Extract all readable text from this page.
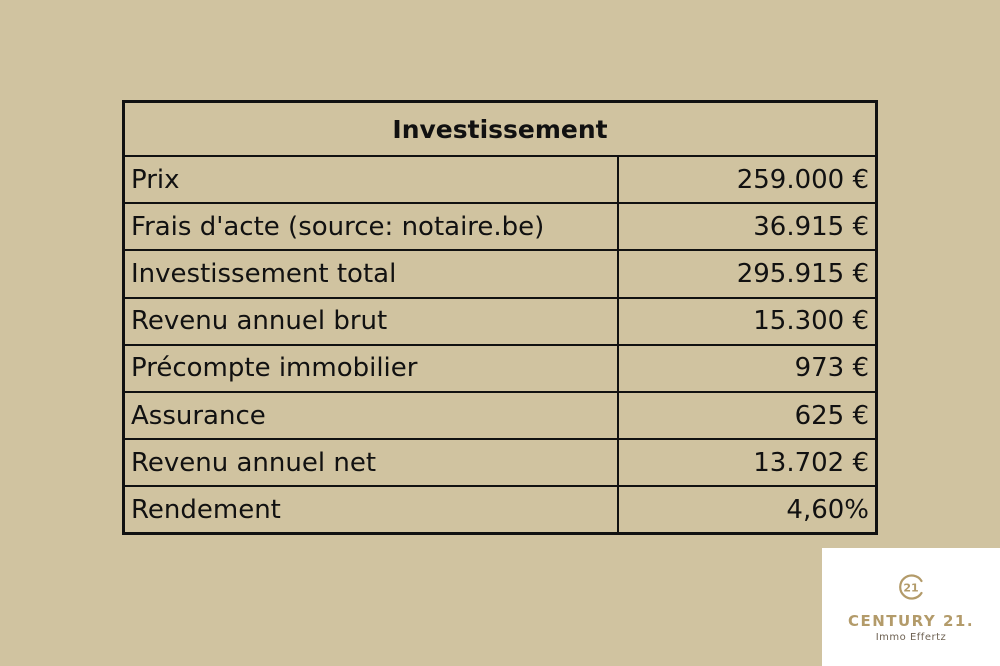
Investissement	
Prix	259.000 €
Frais d'acte (source: notaire.be)	36.915 €
Investissement total	295.915 €
Revenu annuel brut	15.300 €
Précompte immobilier	973 €
Assurance	625 €
Revenu annuel net	13.702 €
Rendement	4,60%
21
CENTURY 21.
Immo Effertz
